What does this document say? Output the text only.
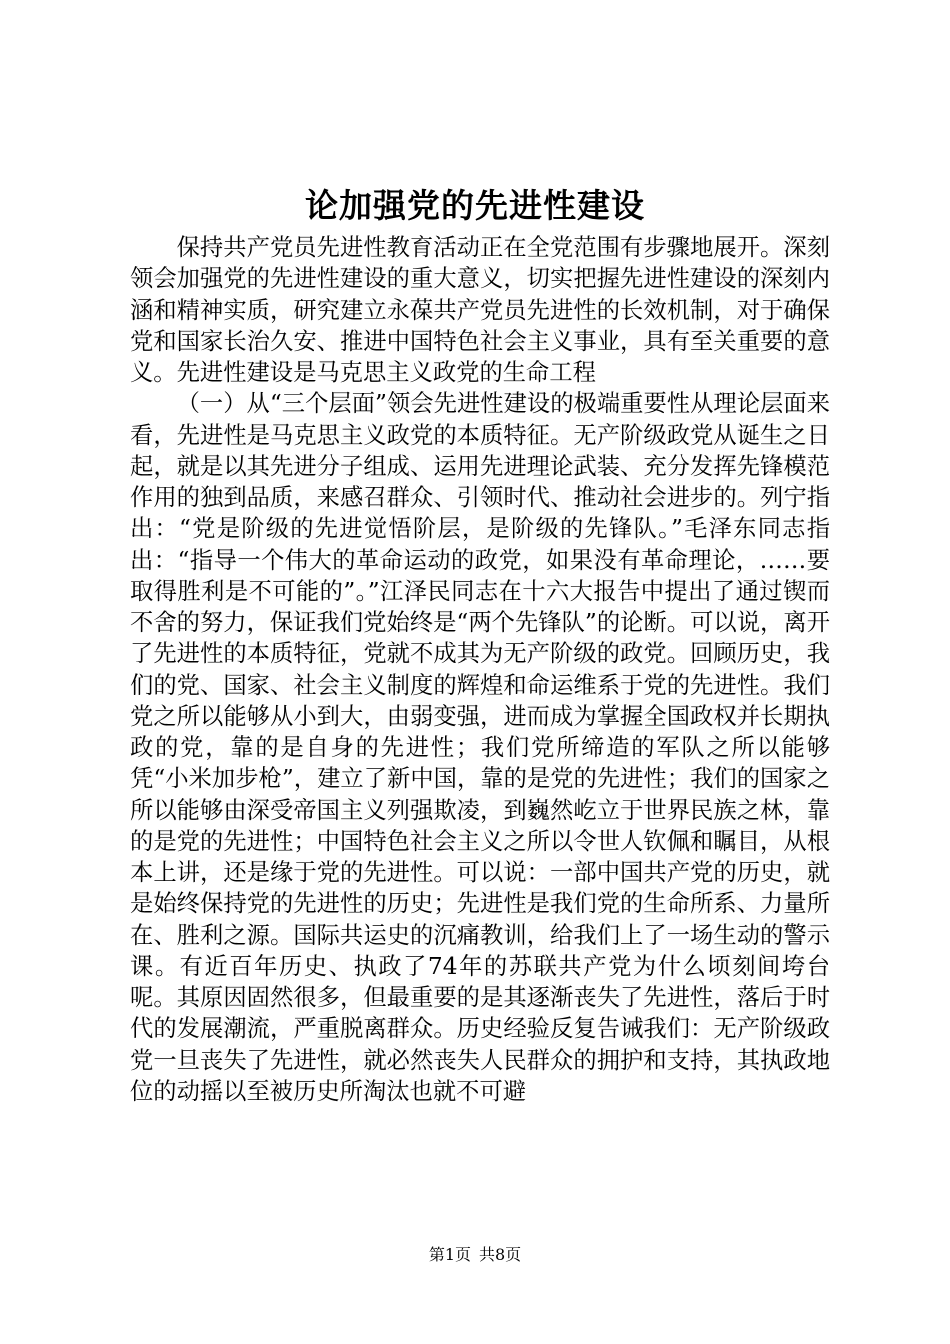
论加强党的先进性建设

保持共产党员先进性教育活动正在全党范围有步骤地展开。深刻领会加强党的先进性建设的重大意义，切实把握先进性建设的深刻内涵和精神实质，研究建立永葆共产党员先进性的长效机制，对于确保党和国家长治久安、推进中国特色社会主义事业，具有至关重要的意义。先进性建设是马克思主义政党的生命工程

（一）从“三个层面”领会先进性建设的极端重要性从理论层面来看，先进性是马克思主义政党的本质特征。无产阶级政党从诞生之日起，就是以其先进分子组成、运用先进理论武装、充分发挥先锋模范作用的独到品质，来感召群众、引领时代、推动社会进步的。列宁指出：“党是阶级的先进觉悟阶层，是阶级的先锋队。”毛泽东同志指出：“指导一个伟大的革命运动的政党，如果没有革命理论，……要取得胜利是不可能的”。”江泽民同志在十六大报告中提出了通过锲而不舍的努力，保证我们党始终是“两个先锋队”的论断。可以说，离开了先进性的本质特征，党就不成其为无产阶级的政党。回顾历史，我们的党、国家、社会主义制度的辉煌和命运维系于党的先进性。我们党之所以能够从小到大，由弱变强，进而成为掌握全国政权并长期执政的党，靠的是自身的先进性；我们党所缔造的军队之所以能够凭“小米加步枪”，建立了新中国，靠的是党的先进性；我们的国家之所以能够由深受帝国主义列强欺凌，到巍然屹立于世界民族之林，靠的是党的先进性；中国特色社会主义之所以令世人钦佩和瞩目，从根本上讲，还是缘于党的先进性。可以说：一部中国共产党的历史，就是始终保持党的先进性的历史；先进性是我们党的生命所系、力量所在、胜利之源。国际共运史的沉痛教训，给我们上了一场生动的警示课。有近百年历史、执政了74年的苏联共产党为什么顷刻间垮台呢。其原因固然很多，但最重要的是其逐渐丧失了先进性，落后于时代的发展潮流，严重脱离群众。历史经验反复告诫我们：无产阶级政党一旦丧失了先进性，就必然丧失人民群众的拥护和支持，其执政地位的动摇以至被历史所淘汰也就不可避

第1页 共8页
